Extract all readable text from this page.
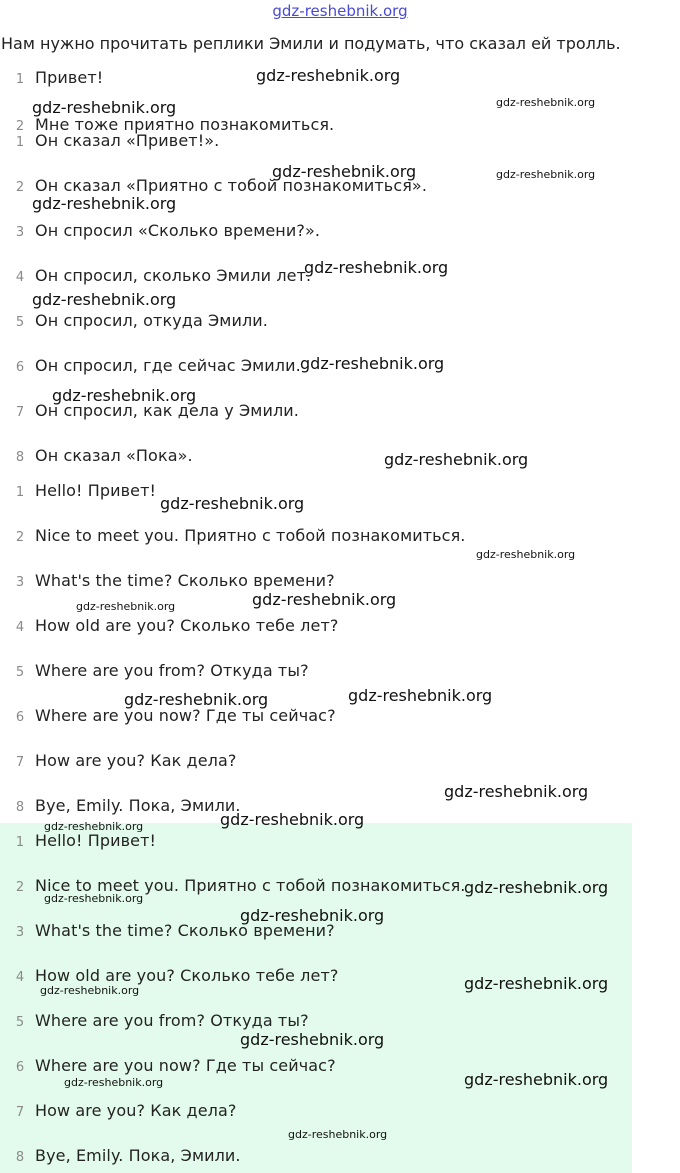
gdz-reshebnik.org
Нам нужно прочитать реплики Эмили и подумать, что сказал ей тролль.
1 Привет!
2 Мне тоже приятно познакомиться.
1 Он сказал «Привет!».
2 Он сказал «Приятно с тобой познакомиться».
3 Он спросил «Сколько времени?».
4 Он спросил, сколько Эмили лет.
5 Он спросил, откуда Эмили.
6 Он спросил, где сейчас Эмили.
7 Он спросил, как дела у Эмили.
8 Он сказал «Пока».
1 Hello! Привет!
2 Nice to meet you. Приятно с тобой познакомиться.
3 What's the time? Сколько времени?
4 How old are you? Сколько тебе лет?
5 Where are you from? Откуда ты?
6 Where are you now? Где ты сейчас?
7 How are you? Как дела?
8 Bye, Emily. Пока, Эмили.
1 Hello! Привет!
2 Nice to meet you. Приятно с тобой познакомиться.
3 What's the time? Сколько времени?
4 How old are you? Сколько тебе лет?
5 Where are you from? Откуда ты?
6 Where are you now? Где ты сейчас?
7 How are you? Как дела?
8 Bye, Emily. Пока, Эмили.
gdz-reshebnik.org
gdz-reshebnik.org	gdz-reshebnik.org
gdz-reshebnik.org	gdz-reshebnik.org
gdz-reshebnik.org
gdz-reshebnik.org
gdz-reshebnik.org
gdz-reshebnik.org
gdz-reshebnik.org
gdz-reshebnik.org
gdz-reshebnik.org
gdz-reshebnik.org
gdz-reshebnik.org
gdz-reshebnik.org
gdz-reshebnik.org	gdz-reshebnik.org
gdz-reshebnik.org
gdz-reshebnik.org
gdz-reshebnik.org
gdz-reshebnik.org
gdz-reshebnik.org
gdz-reshebnik.org
gdz-reshebnik.org
gdz-reshebnik.org
gdz-reshebnik.org
gdz-reshebnik.org
gdz-reshebnik.org
gdz-reshebnik.org
